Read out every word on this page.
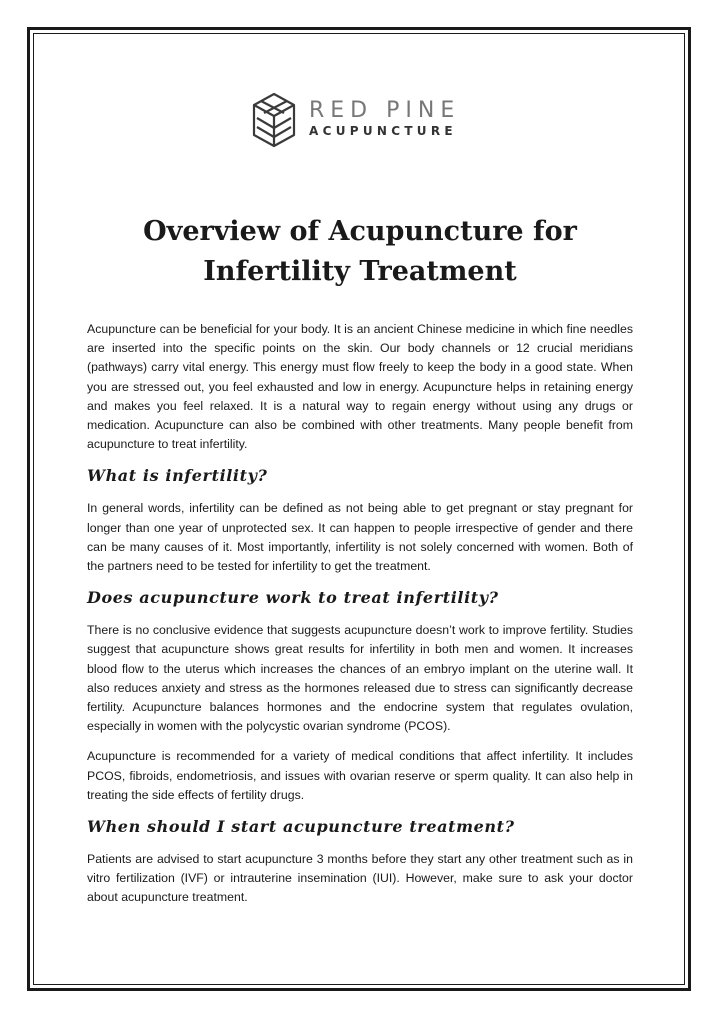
RED PINE
ACUPUNCTURE
Overview of Acupuncture for Infertility Treatment

Acupuncture can be beneficial for your body. It is an ancient Chinese medicine in which fine needles are inserted into the specific points on the skin. Our body channels or 12 crucial meridians (pathways) carry vital energy. This energy must flow freely to keep the body in a good state. When you are stressed out, you feel exhausted and low in energy. Acupuncture helps in retaining energy and makes you feel relaxed. It is a natural way to regain energy without using any drugs or medication. Acupuncture can also be combined with other treatments. Many people benefit from acupuncture to treat infertility.

What is infertility?

In general words, infertility can be defined as not being able to get pregnant or stay pregnant for longer than one year of unprotected sex. It can happen to people irrespective of gender and there can be many causes of it. Most importantly, infertility is not solely concerned with women. Both of the partners need to be tested for infertility to get the treatment.

Does acupuncture work to treat infertility?

There is no conclusive evidence that suggests acupuncture doesn’t work to improve fertility. Studies suggest that acupuncture shows great results for infertility in both men and women. It increases blood flow to the uterus which increases the chances of an embryo implant on the uterine wall. It also reduces anxiety and stress as the hormones released due to stress can significantly decrease fertility. Acupuncture balances hormones and the endocrine system that regulates ovulation, especially in women with the polycystic ovarian syndrome (PCOS).

Acupuncture is recommended for a variety of medical conditions that affect infertility. It includes PCOS, fibroids, endometriosis, and issues with ovarian reserve or sperm quality. It can also help in treating the side effects of fertility drugs.

When should I start acupuncture treatment?

Patients are advised to start acupuncture 3 months before they start any other treatment such as in vitro fertilization (IVF) or intrauterine insemination (IUI). However, make sure to ask your doctor about acupuncture treatment.
